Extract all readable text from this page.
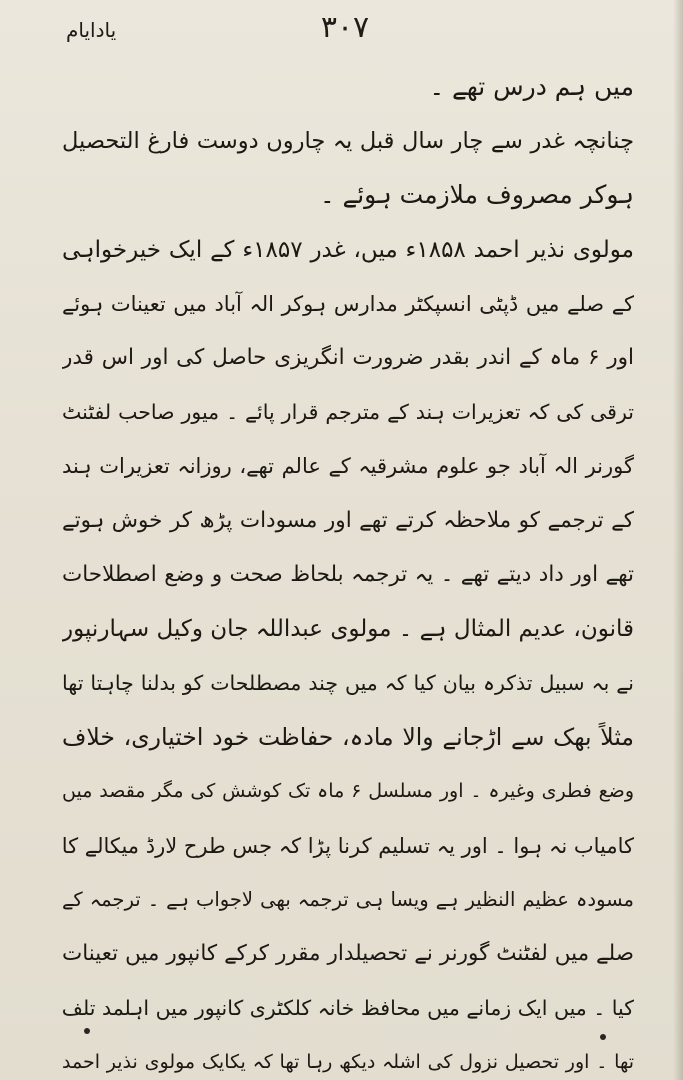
یادایام	۳۰۷
میں ہم درس تھے ۔
چنانچہ غدر سے چار سال قبل یہ چاروں دوست فارغ التحصیل
ہوکر مصروف ملازمت ہوئے ۔
مولوی نذیر احمد ۱۸۵۸ء میں، غدر ۱۸۵۷ء کے ایک خیرخواہی
کے صلے میں ڈپٹی انسپکٹر مدارس ہوکر الہ آباد میں تعینات ہوئے
اور ۶ ماہ کے اندر بقدر ضرورت انگریزی حاصل کی اور اس قدر
ترقی کی کہ تعزیرات ہند کے مترجم قرار پائے ۔ میور صاحب لفٹنٹ
گورنر الہ آباد جو علوم مشرقیہ کے عالم تھے، روزانہ تعزیرات ہند
کے ترجمے کو ملاحظہ کرتے تھے اور مسودات پڑھ کر خوش ہوتے
تھے اور داد دیتے تھے ۔ یہ ترجمہ بلحاظ صحت و وضع اصطلاحات
قانون، عدیم المثال ہے ۔ مولوی عبداللہ جان وکیل سہارنپور
نے بہ سبیل تذکرہ بیان کیا کہ میں چند مصطلحات کو بدلنا چاہتا تھا
مثلاً بھک سے اڑجانے والا مادہ، حفاظت خود اختیاری، خلاف
وضع فطری وغیرہ ۔ اور مسلسل ۶ ماہ تک کوشش کی مگر مقصد میں
کامیاب نہ ہوا ۔ اور یہ تسلیم کرنا پڑا کہ جس طرح لارڈ میکالے کا
مسودہ عظیم النظیر ہے ویسا ہی ترجمہ بھی لاجواب ہے ۔ ترجمہ کے
صلے میں لفٹنٹ گورنر نے تحصیلدار مقرر کرکے کانپور میں تعینات
کیا ۔ میں ایک زمانے میں محافظ خانہ کلکٹری کانپور میں اہلمد تلف
تھا ۔ اور تحصیل نزول کی اشلہ دیکھ رہا تھا کہ یکایک مولوی نذیر احمد
